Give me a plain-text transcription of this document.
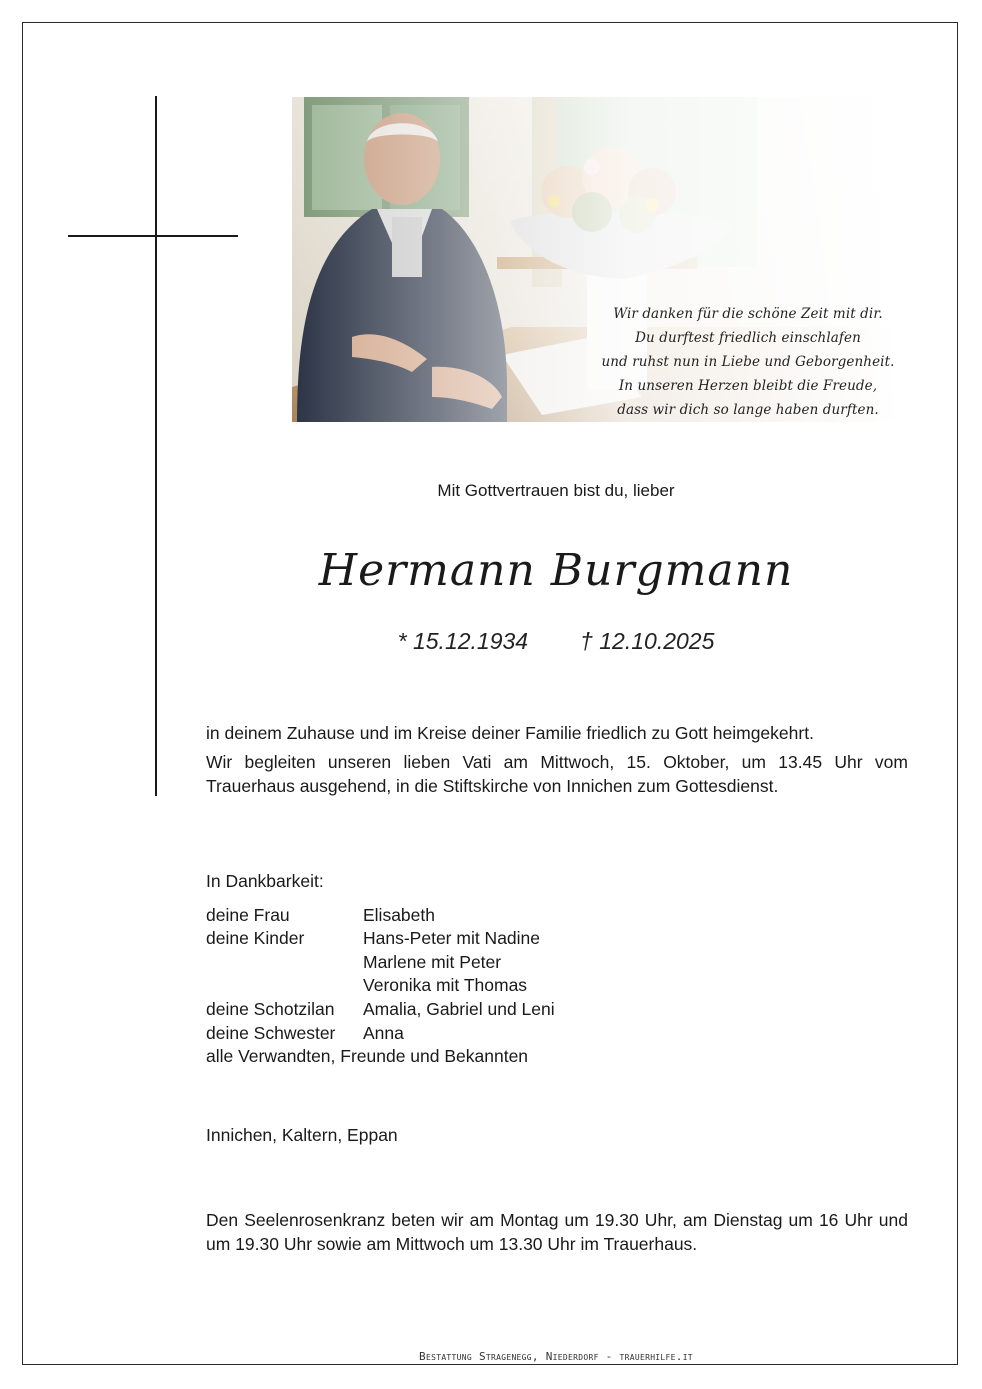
Wir danken für die schöne Zeit mit dir.
Du durftest friedlich einschlafen
und ruhst nun in Liebe und Geborgenheit.
In unseren Herzen bleibt die Freude,
dass wir dich so lange haben durften.
Mit Gottvertrauen bist du, lieber
Hermann Burgmann
* 15.12.1934 † 12.10.2025
in deinem Zuhause und im Kreise deiner Familie friedlich zu Gott heimgekehrt.
Wir begleiten unseren lieben Vati am Mittwoch, 15. Oktober, um 13.45 Uhr vom Trauerhaus ausgehend, in die Stiftskirche von Innichen zum Gottesdienst.
In Dankbarkeit:
deine Frau	Elisabeth
deine Kinder	Hans-Peter mit Nadine
Marlene mit Peter
Veronika mit Thomas
deine Schotzilan	Amalia, Gabriel und Leni
deine Schwester	Anna
alle Verwandten, Freunde und Bekannten
Innichen, Kaltern, Eppan
Den Seelenrosenkranz beten wir am Montag um 19.30 Uhr, am Dienstag um 16 Uhr und um 19.30 Uhr sowie am Mittwoch um 13.30 Uhr im Trauerhaus.
Bestattung Stragenegg, Niederdorf - trauerhilfe.it
